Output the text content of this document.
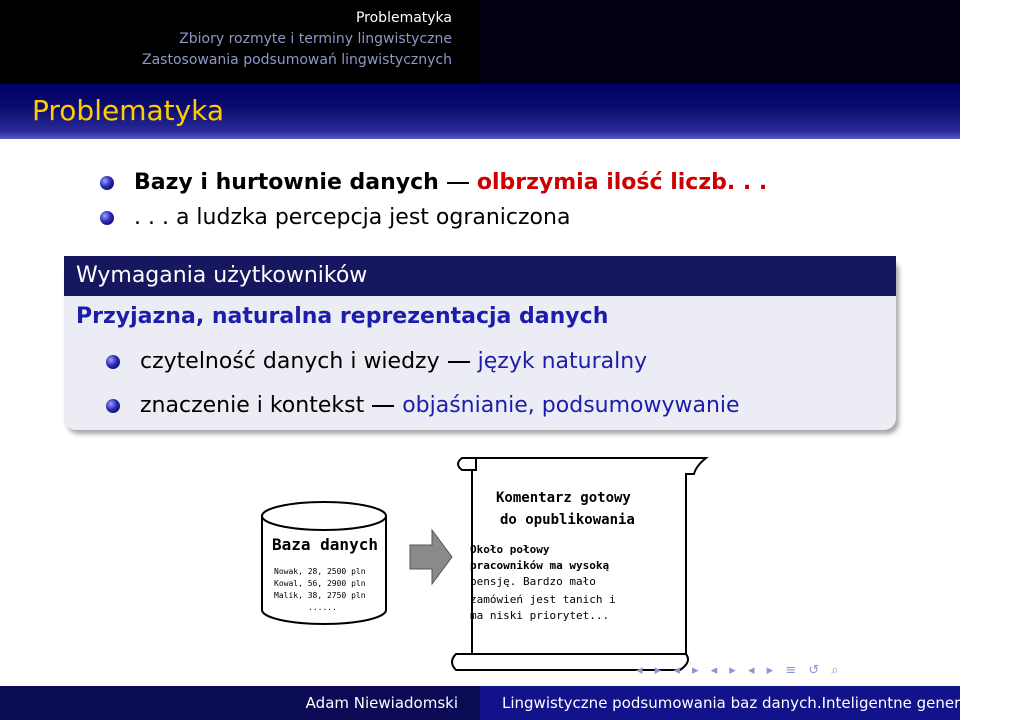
Problematyka
Zbiory rozmyte i terminy lingwistyczne
Zastosowania podsumowań lingwistycznych
Problematyka
Bazy i hurtownie danych olbrzymia ilość liczb. . .
. . . a ludzka percepcja jest ograniczona
Wymagania użytkowników
Przyjazna, naturalna reprezentacja danych
czytelność danych i wiedzy język naturalny
znaczenie i kontekst objaśnianie, podsumowywanie
Baza danych
Nowak, 28, 2500 pln
Kowal, 56, 2900 pln
Malik, 38, 2750 pln
......
Komentarz gotowy
do opublikowania
Około połowy
pracowników ma wysoką
pensję. Bardzo mało
zamówień jest tanich i
ma niski priorytet...
◂ ▸ ◂ ▸ ◂ ▸ ◂ ▸ ≡ ↺ ⌕
Adam Niewiadomski	Lingwistyczne podsumowania baz danych.Inteligentne generowanie s
